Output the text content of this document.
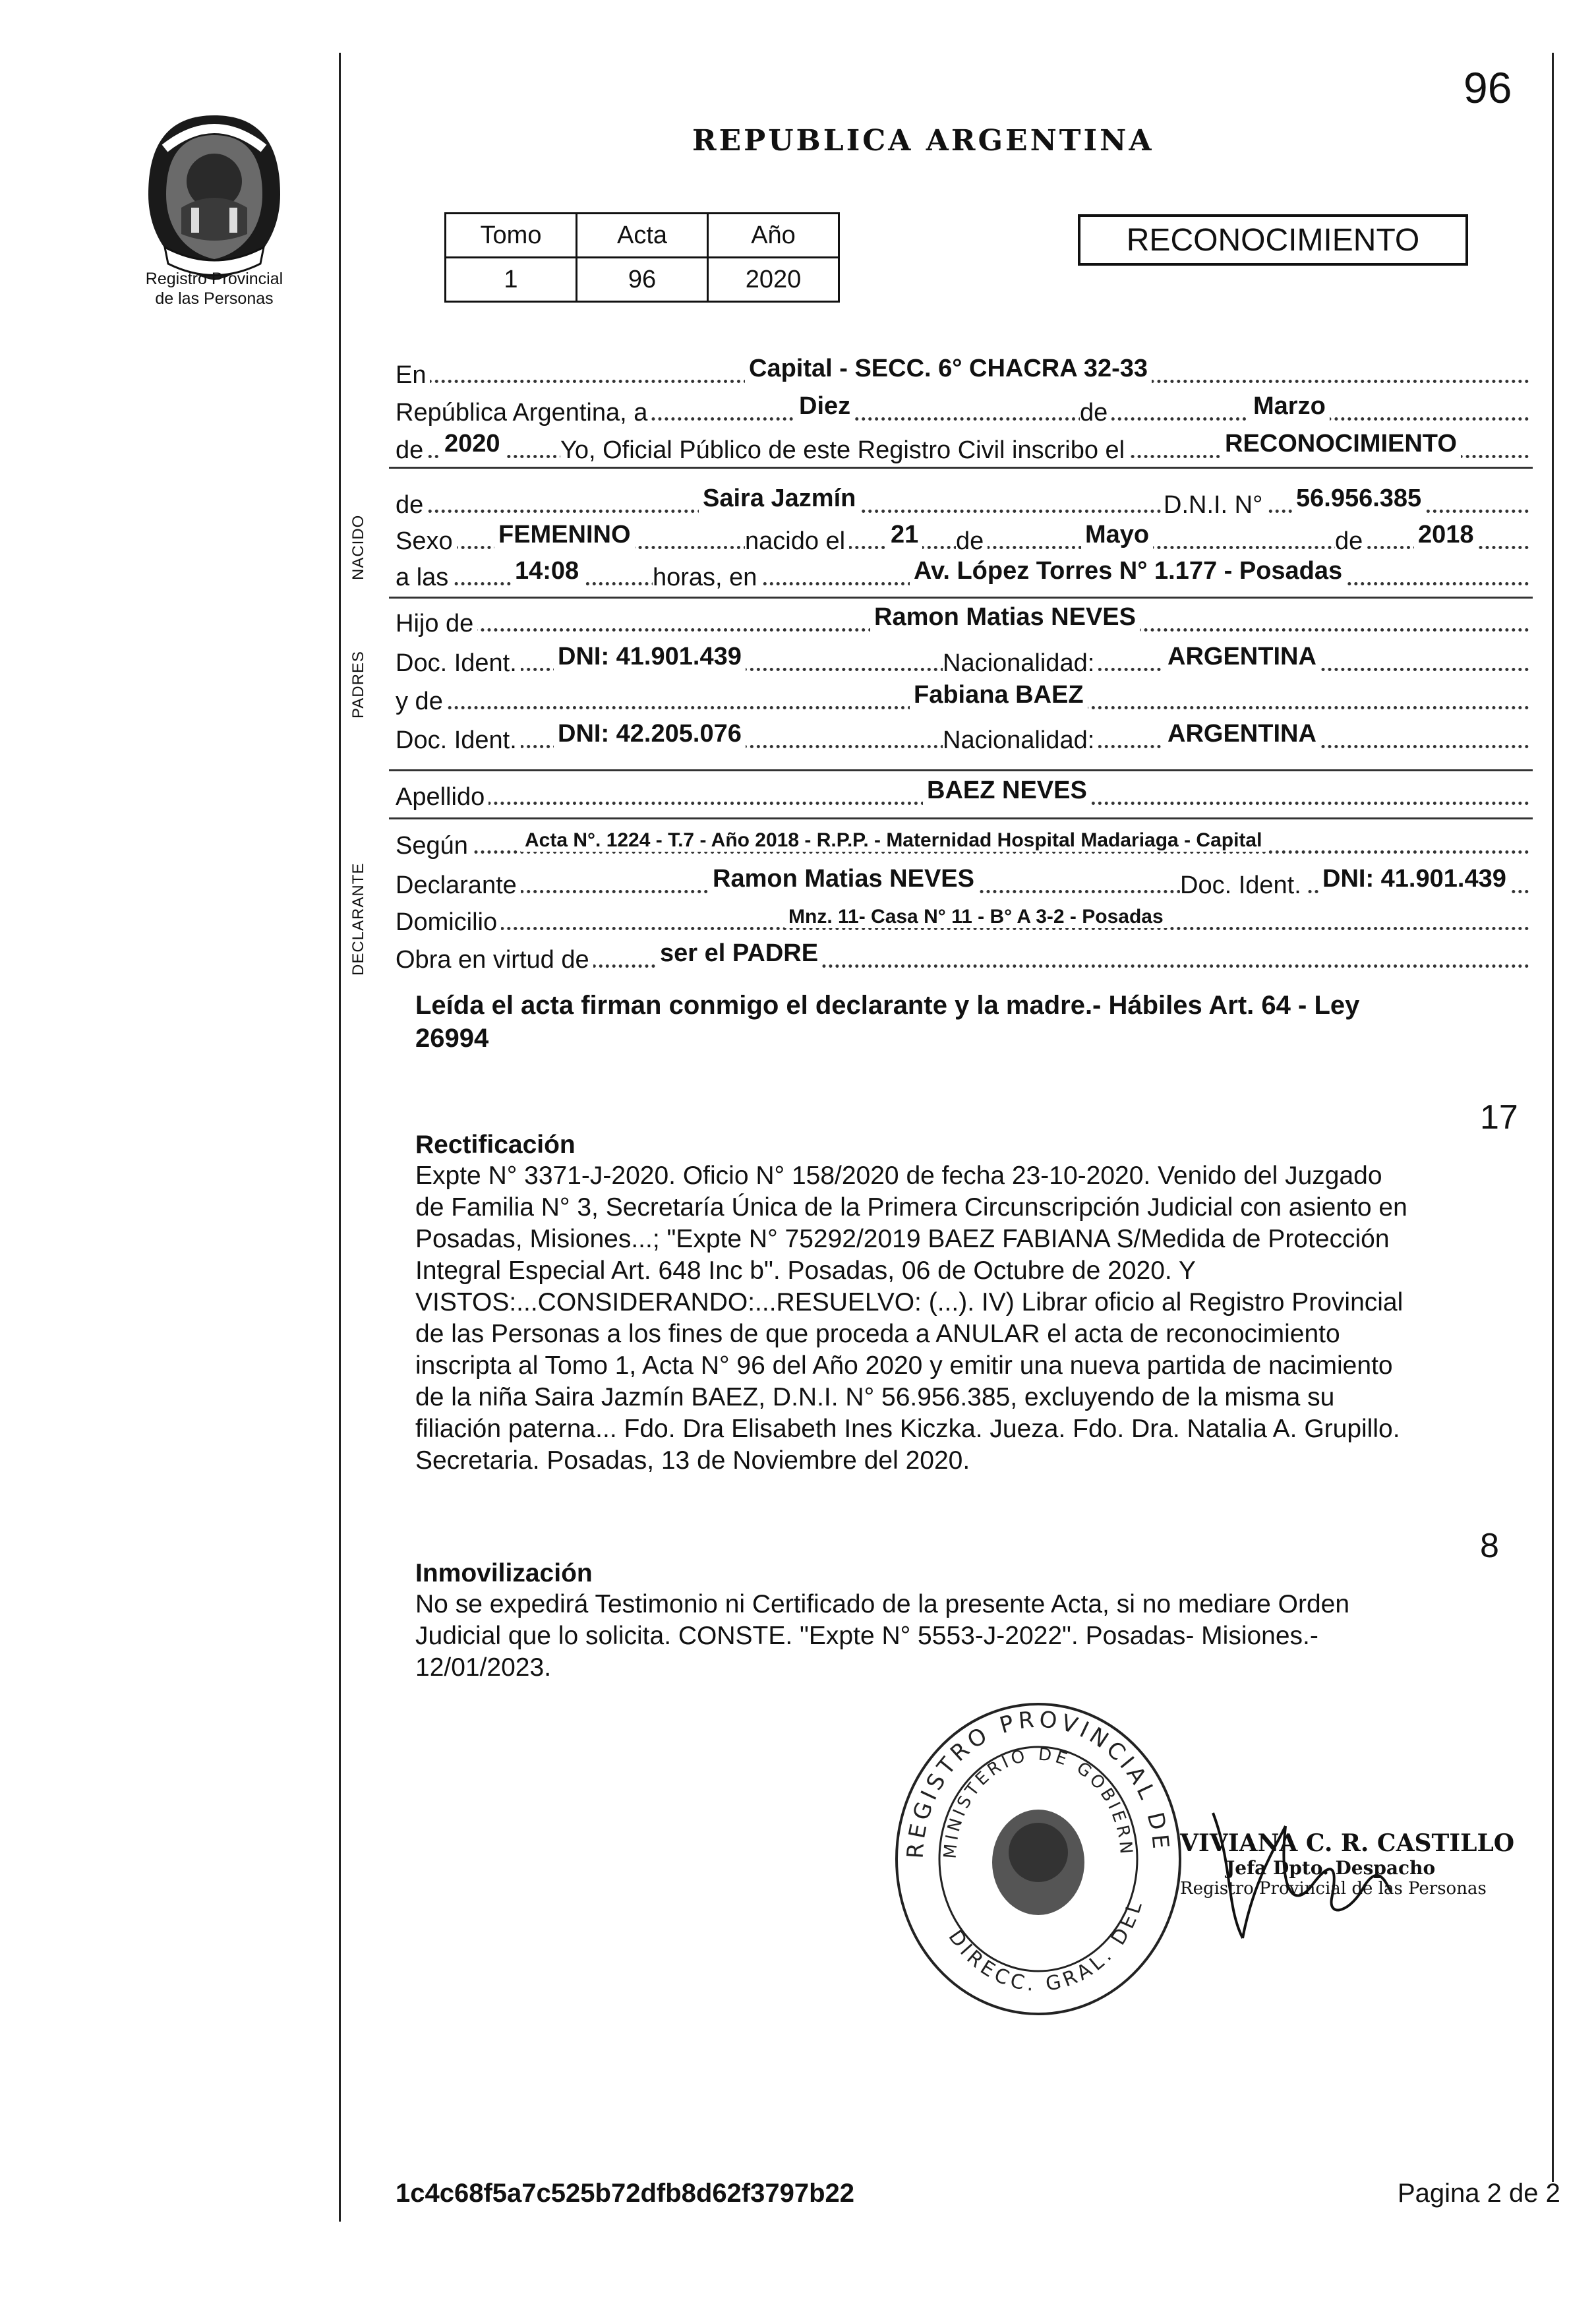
Registro Provincial
de las Personas
96
REPUBLICA ARGENTINA
Tomo	Acta	Año
1	96	2020
RECONOCIMIENTO
NACIDO
PADRES
DECLARANTE
En	Capital - SECC. 6° CHACRA 32-33
República Argentina, a	Diez	de	Marzo
de 2020 Yo, Oficial Público de este Registro Civil inscribo el	RECONOCIMIENTO
de	Saira Jazmín	D.N.I. N° 56.956.385
Sexo FEMENINO	nacido el 21 de	Mayo	de 2018
a las	14:08	horas, en	Av. López Torres N° 1.177 - Posadas
Hijo de	Ramon Matias NEVES
Doc. Ident. DNI: 41.901.439	Nacionalidad:	ARGENTINA
y de	Fabiana BAEZ
Doc. Ident. DNI: 42.205.076	Nacionalidad:	ARGENTINA
Apellido	BAEZ NEVES
Según	Acta N°. 1224 - T.7 - Año 2018 - R.P.P. - Maternidad Hospital Madariaga - Capital
Declarante	Ramon Matias NEVES	Doc. Ident. DNI: 41.901.439
Domicilio	Mnz. 11- Casa N° 11 - B° A 3-2 - Posadas
Obra en virtud de	ser el PADRE
Leída el acta firman conmigo el declarante y la madre.- Hábiles Art. 64 - Ley
26994
17
Rectificación
Expte N° 3371-J-2020. Oficio N° 158/2020 de fecha 23-10-2020. Venido del Juzgado
de Familia N° 3, Secretaría Única de la Primera Circunscripción Judicial con asiento en
Posadas, Misiones...; "Expte N° 75292/2019 BAEZ FABIANA S/Medida de Protección
Integral Especial Art. 648 Inc b". Posadas, 06 de Octubre de 2020. Y
VISTOS:...CONSIDERANDO:...RESUELVO: (...). IV) Librar oficio al Registro Provincial
de las Personas a los fines de que proceda a ANULAR el acta de reconocimiento
inscripta al Tomo 1, Acta N° 96 del Año 2020 y emitir una nueva partida de nacimiento
de la niña Saira Jazmín BAEZ, D.N.I. N° 56.956.385, excluyendo de la misma su
filiación paterna... Fdo. Dra Elisabeth Ines Kiczka. Jueza. Fdo. Dra. Natalia A. Grupillo.
Secretaria. Posadas, 13 de Noviembre del 2020.
8
Inmovilización
No se expedirá Testimonio ni Certificado de la presente Acta, si no mediare Orden
Judicial que lo solicita. CONSTE. "Expte N° 5553-J-2022". Posadas- Misiones.-
12/01/2023.
REGISTRO PROVINCIAL DE
MINISTERIO DE GOBIERN
DIRECC. GRAL. DEL
VIVIANA C. R. CASTILLO
Jefa Dpto. Despacho
Registro Provincial de las Personas
1c4c68f5a7c525b72dfb8d62f3797b22	Pagina 2 de 2
